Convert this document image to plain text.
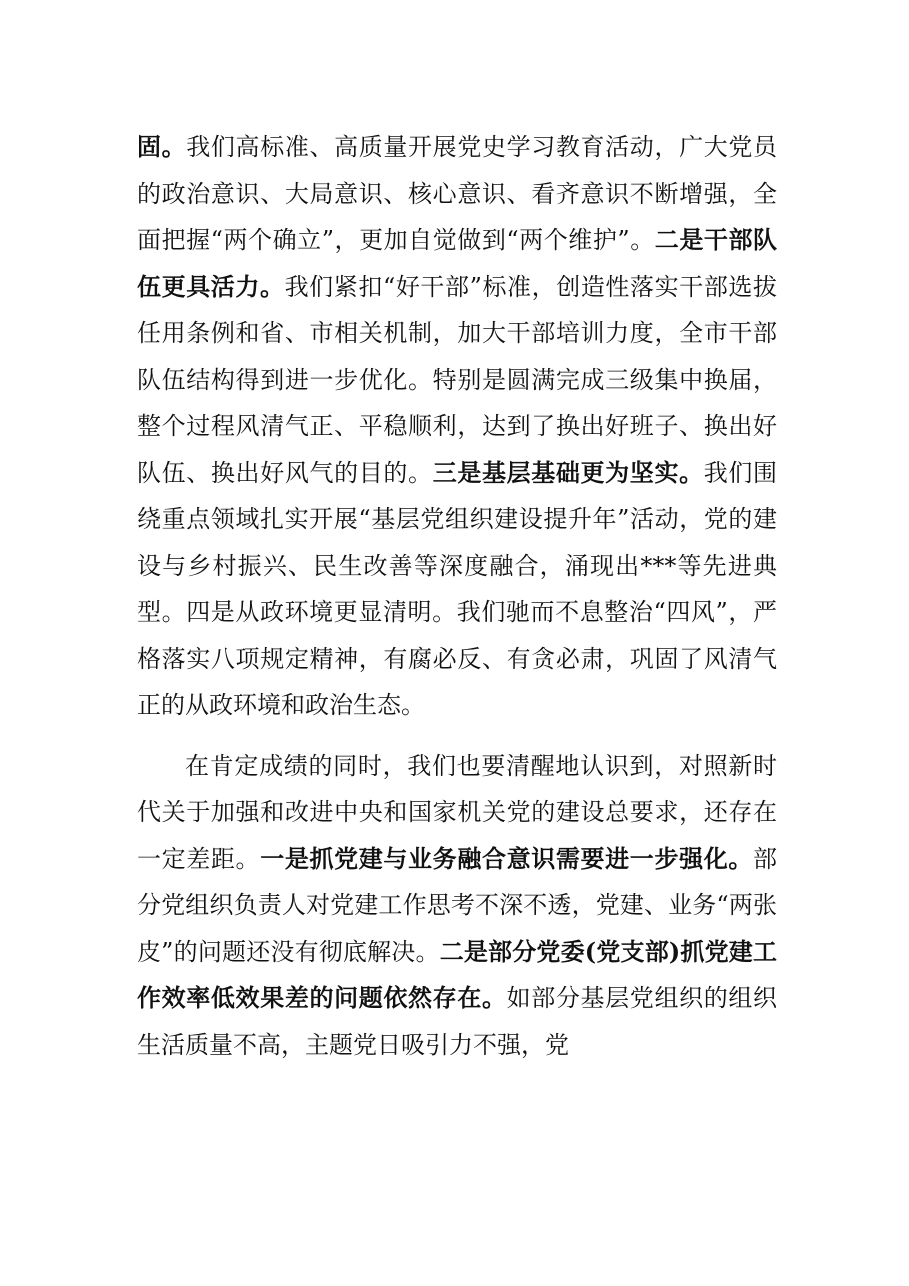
固。我们高标准、高质量开展党史学习教育活动，广大党员的政治意识、大局意识、核心意识、看齐意识不断增强，全面把握“两个确立”，更加自觉做到“两个维护”。二是干部队伍更具活力。我们紧扣“好干部”标准，创造性落实干部选拔任用条例和省、市相关机制，加大干部培训力度，全市干部队伍结构得到进一步优化。特别是圆满完成三级集中换届，整个过程风清气正、平稳顺利，达到了换出好班子、换出好队伍、换出好风气的目的。三是基层基础更为坚实。我们围绕重点领域扎实开展“基层党组织建设提升年”活动，党的建设与乡村振兴、民生改善等深度融合，涌现出***等先进典型。四是从政环境更显清明。我们驰而不息整治“四风”，严格落实八项规定精神，有腐必反、有贪必肃，巩固了风清气正的从政环境和政治生态。

在肯定成绩的同时，我们也要清醒地认识到，对照新时代关于加强和改进中央和国家机关党的建设总要求，还存在一定差距。一是抓党建与业务融合意识需要进一步强化。部分党组织负责人对党建工作思考不深不透，党建、业务“两张皮”的问题还没有彻底解决。二是部分党委(党支部)抓党建工作效率低效果差的问题依然存在。如部分基层党组织的组织生活质量不高，主题党日吸引力不强，党
